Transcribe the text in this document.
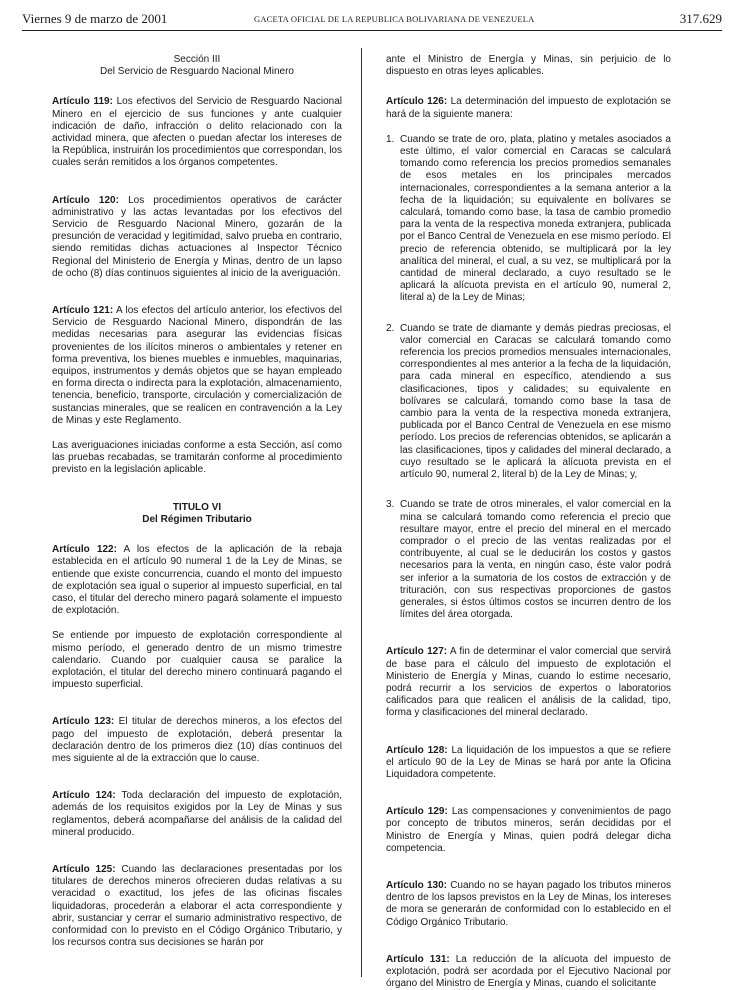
Viernes 9 de marzo de 2001	GACETA OFICIAL DE LA REPUBLICA BOLIVARIANA DE VENEZUELA	317.629

Sección III

Del Servicio de Resguardo Nacional Minero

Artículo 119: Los efectivos del Servicio de Resguardo Nacional Minero en el ejercicio de sus funciones y ante cualquier indicación de daño, infracción o delito relacionado con la actividad minera, que afecten o puedan afectar los intereses de la República, instruirán los procedimientos que correspondan, los cuales serán remitidos a los órganos competentes.

Artículo 120: Los procedimientos operativos de carácter administrativo y las actas levantadas por los efectivos del Servicio de Resguardo Nacional Minero, gozarán de la presunción de veracidad y legitimidad, salvo prueba en contrario, siendo remitidas dichas actuaciones al Inspector Técnico Regional del Ministerio de Energía y Minas, dentro de un lapso de ocho (8) días continuos siguientes al inicio de la averiguación.

Artículo 121: A los efectos del artículo anterior, los efectivos del Servicio de Resguardo Nacional Minero, dispondrán de las medidas necesarias para asegurar las evidencias físicas provenientes de los ilícitos mineros o ambientales y retener en forma preventiva, los bienes muebles e inmuebles, maquinarias, equipos, instrumentos y demás objetos que se hayan empleado en forma directa o indirecta para la explotación, almacenamiento, tenencia, beneficio, transporte, circulación y comercialización de sustancias minerales, que se realicen en contravención a la Ley de Minas y este Reglamento.

Las averiguaciones iniciadas conforme a esta Sección, así como las pruebas recabadas, se tramitarán conforme al procedimiento previsto en la legislación aplicable.

TITULO VI

Del Régimen Tributario

Artículo 122: A los efectos de la aplicación de la rebaja establecida en el artículo 90 numeral 1 de la Ley de Minas, se entiende que existe concurrencia, cuando el monto del impuesto de explotación sea igual o superior al impuesto superficial, en tal caso, el titular del derecho minero pagará solamente el impuesto de explotación.

Se entiende por impuesto de explotación correspondiente al mismo período, el generado dentro de un mismo trimestre calendario. Cuando por cualquier causa se paralice la explotación, el titular del derecho minero continuará pagando el impuesto superficial.

Artículo 123: El titular de derechos mineros, a los efectos del pago del impuesto de explotación, deberá presentar la declaración dentro de los primeros diez (10) días continuos del mes siguiente al de la extracción que lo cause.

Artículo 124: Toda declaración del impuesto de explotación, además de los requisitos exigidos por la Ley de Minas y sus reglamentos, deberá acompañarse del análisis de la calidad del mineral producido.

Artículo 125: Cuando las declaraciones presentadas por los titulares de derechos mineros ofrecieren dudas relativas a su veracidad o exactitud, los jefes de las oficinas fiscales liquidadoras, procederán a elaborar el acta correspondiente y abrir, sustanciar y cerrar el sumario administrativo respectivo, de conformidad con lo previsto en el Código Orgánico Tributario, y los recursos contra sus decisiones se harán por

ante el Ministro de Energía y Minas, sin perjuicio de lo dispuesto en otras leyes aplicables.

Artículo 126: La determinación del impuesto de explotación se hará de la siguiente manera:

1. Cuando se trate de oro, plata, platino y metales asociados a este último, el valor comercial en Caracas se calculará tomando como referencia los precios promedios semanales de esos metales en los principales mercados internacionales, correspondientes a la semana anterior a la fecha de la liquidación; su equivalente en bolívares se calculará, tomando como base, la tasa de cambio promedio para la venta de la respectiva moneda extranjera, publicada por el Banco Central de Venezuela en ese mismo período. El precio de referencia obtenido, se multiplicará por la ley analítica del mineral, el cual, a su vez, se multiplicará por la cantidad de mineral declarado, a cuyo resultado se le aplicará la alícuota prevista en el artículo 90, numeral 2, literal a) de la Ley de Minas;
2. Cuando se trate de diamante y demás piedras preciosas, el valor comercial en Caracas se calculará tomando como referencia los precios promedios mensuales internacionales, correspondientes al mes anterior a la fecha de la liquidación, para cada mineral en específico, atendiendo a sus clasificaciones, tipos y calidades; su equivalente en bolívares se calculará, tomando como base la tasa de cambio para la venta de la respectiva moneda extranjera, publicada por el Banco Central de Venezuela en ese mismo período. Los precios de referencias obtenidos, se aplicarán a las clasificaciones, tipos y calidades del mineral declarado, a cuyo resultado se le aplicará la alícuota prevista en el artículo 90, numeral 2, literal b) de la Ley de Minas; y,
3. Cuando se trate de otros minerales, el valor comercial en la mina se calculará tomando como referencia el precio que resultare mayor, entre el precio del mineral en el mercado comprador o el precio de las ventas realizadas por el contribuyente, al cual se le deducirán los costos y gastos necesarios para la venta, en ningún caso, éste valor podrá ser inferior a la sumatoria de los costos de extracción y de trituración, con sus respectivas proporciones de gastos generales, si éstos últimos costos se incurren dentro de los límites del área otorgada.

Artículo 127: A fin de determinar el valor comercial que servirá de base para el cálculo del impuesto de explotación el Ministerio de Energía y Minas, cuando lo estime necesario, podrá recurrir a los servicios de expertos o laboratorios calificados para que realicen el análisis de la calidad, tipo, forma y clasificaciones del mineral declarado.

Artículo 128: La liquidación de los impuestos a que se refiere el artículo 90 de la Ley de Minas se hará por ante la Oficina Liquidadora competente.

Artículo 129: Las compensaciones y convenimientos de pago por concepto de tributos mineros, serán decididas por el Ministro de Energía y Minas, quien podrá delegar dicha competencia.

Artículo 130: Cuando no se hayan pagado los tributos mineros dentro de los lapsos previstos en la Ley de Minas, los intereses de mora se generarán de conformidad con lo establecido en el Código Orgánico Tributario.

Artículo 131: La reducción de la alícuota del impuesto de explotación, podrá ser acordada por el Ejecutivo Nacional por órgano del Ministro de Energía y Minas, cuando el solicitante
